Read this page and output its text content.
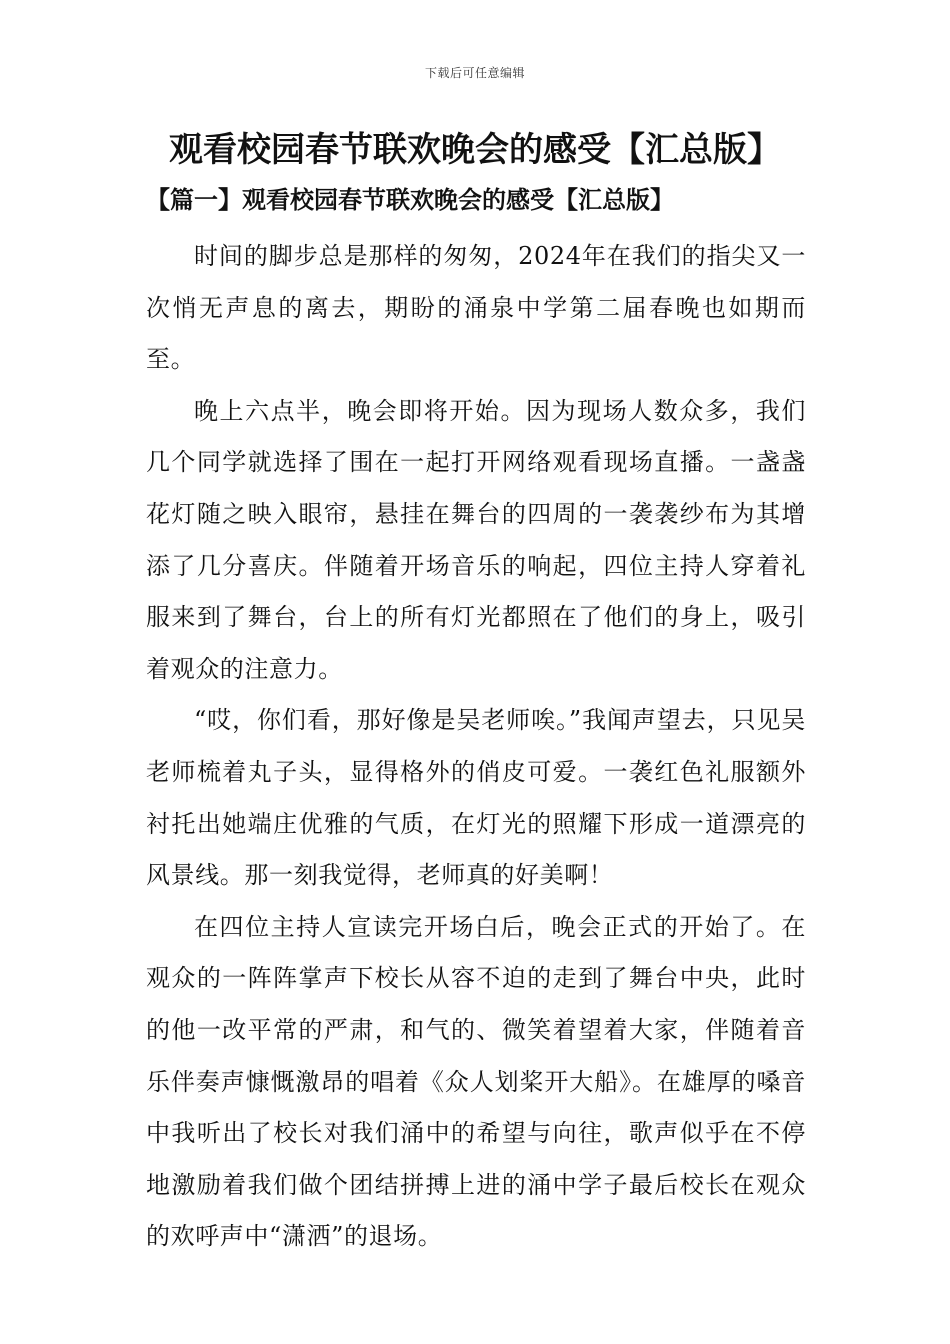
下载后可任意编辑
观看校园春节联欢晚会的感受【汇总版】
【篇一】观看校园春节联欢晚会的感受【汇总版】

时间的脚步总是那样的匆匆，2024年在我们的指尖又一次悄无声息的离去，期盼的涌泉中学第二届春晚也如期而至。

晚上六点半，晚会即将开始。因为现场人数众多，我们几个同学就选择了围在一起打开网络观看现场直播。一盏盏花灯随之映入眼帘，悬挂在舞台的四周的一袭袭纱布为其增添了几分喜庆。伴随着开场音乐的响起，四位主持人穿着礼服来到了舞台，台上的所有灯光都照在了他们的身上，吸引着观众的注意力。

“哎，你们看，那好像是吴老师唉。”我闻声望去，只见吴老师梳着丸子头，显得格外的俏皮可爱。一袭红色礼服额外衬托出她端庄优雅的气质，在灯光的照耀下形成一道漂亮的风景线。那一刻我觉得，老师真的好美啊！

在四位主持人宣读完开场白后，晚会正式的开始了。在观众的一阵阵掌声下校长从容不迫的走到了舞台中央，此时的他一改平常的严肃，和气的、微笑着望着大家，伴随着音乐伴奏声慷慨激昂的唱着《众人划桨开大船》。在雄厚的嗓音中我听出了校长对我们涌中的希望与向往，歌声似乎在不停地激励着我们做个团结拼搏上进的涌中学子最后校长在观众的欢呼声中“潇洒”的退场。
